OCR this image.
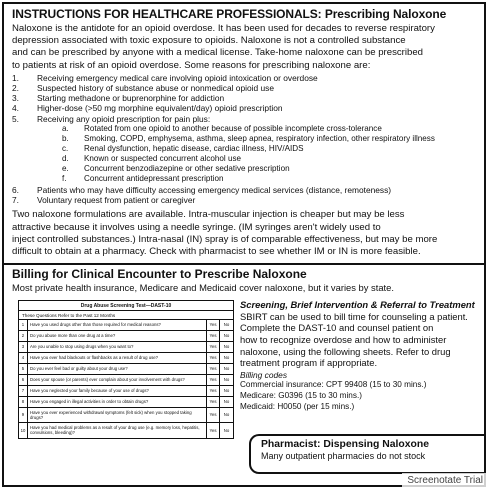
INSTRUCTIONS FOR HEALTHCARE PROFESSIONALS: Prescribing Naloxone
Naloxone is the antidote for an opioid overdose. It has been used for decades to reverse respiratory
depression associated with toxic exposure to opioids. Naloxone is not a controlled substance
and can be prescribed by anyone with a medical license. Take-home naloxone can be prescribed
to patients at risk of an opioid overdose. Some reasons for prescribing naloxone are:
1.	Receiving emergency medical care involving opioid intoxication or overdose
2.	Suspected history of substance abuse or nonmedical opioid use
3.	Starting methadone or buprenorphine for addiction
4.	Higher-dose (>50 mg morphine equivalent/day) opioid prescription
5.	Receiving any opioid prescription for pain plus:
a.	Rotated from one opioid to another because of possible incomplete cross-tolerance
b.	Smoking, COPD, emphysema, asthma, sleep apnea, respiratory infection, other respiratory illness
c.	Renal dysfunction, hepatic disease, cardiac illness, HIV/AIDS
d.	Known or suspected concurrent alcohol use
e.	Concurrent benzodiazepine or other sedative prescription
f.	Concurrent antidepressant prescription
6.	Patients who may have difficulty accessing emergency medical services (distance, remoteness)
7.	Voluntary request from patient or caregiver
Two naloxone formulations are available. Intra-muscular injection is cheaper but may be less
attractive because it involves using a needle syringe. (IM syringes aren't widely used to
inject controlled substances.) Intra-nasal (IN) spray is of comparable effectiveness, but may be more
difficult to obtain at a pharmacy. Check with pharmacist to see whether IM or IN is more feasible.
Billing for Clinical Encounter to Prescribe Naloxone
Most private health insurance, Medicare and Medicaid cover naloxone, but it varies by state.
Drug Abuse Screening Test—DAST-10
These Questions Refer to the Past 12 Months
1	Have you used drugs other than those required for medical reasons?	Yes	No
2	Do you abuse more than one drug at a time?	Yes	No
3	Are you unable to stop using drugs when you want to?	Yes	No
4	Have you ever had blackouts or flashbacks as a result of drug use?	Yes	No
5	Do you ever feel bad or guilty about your drug use?	Yes	No
6	Does your spouse (or parents) ever complain about your involvement with drugs?	Yes	No
7	Have you neglected your family because of your use of drugs?	Yes	No
8	Have you engaged in illegal activities in order to obtain drugs?	Yes	No
9	Have you ever experienced withdrawal symptoms (felt sick) when you stopped taking drugs?	Yes	No
10	Have you had medical problems as a result of your drug use (e.g. memory loss, hepatitis, convulsions, bleeding)?	Yes	No
Screening, Brief Intervention & Referral to Treatment

SBIRT can be used to bill time for counseling a patient.

Complete the DAST-10 and counsel patient on

how to recognize overdose and how to administer

naloxone, using the following sheets. Refer to drug

treatment program if appropriate.

Billing codes
Commercial insurance: CPT 99408 (15 to 30 mins.)
Medicare: G0396 (15 to 30 mins.)
Medicaid: H0050 (per 15 mins.)
Pharmacist: Dispensing Naloxone

Many outpatient pharmacies do not stock

Screenotate Trial
